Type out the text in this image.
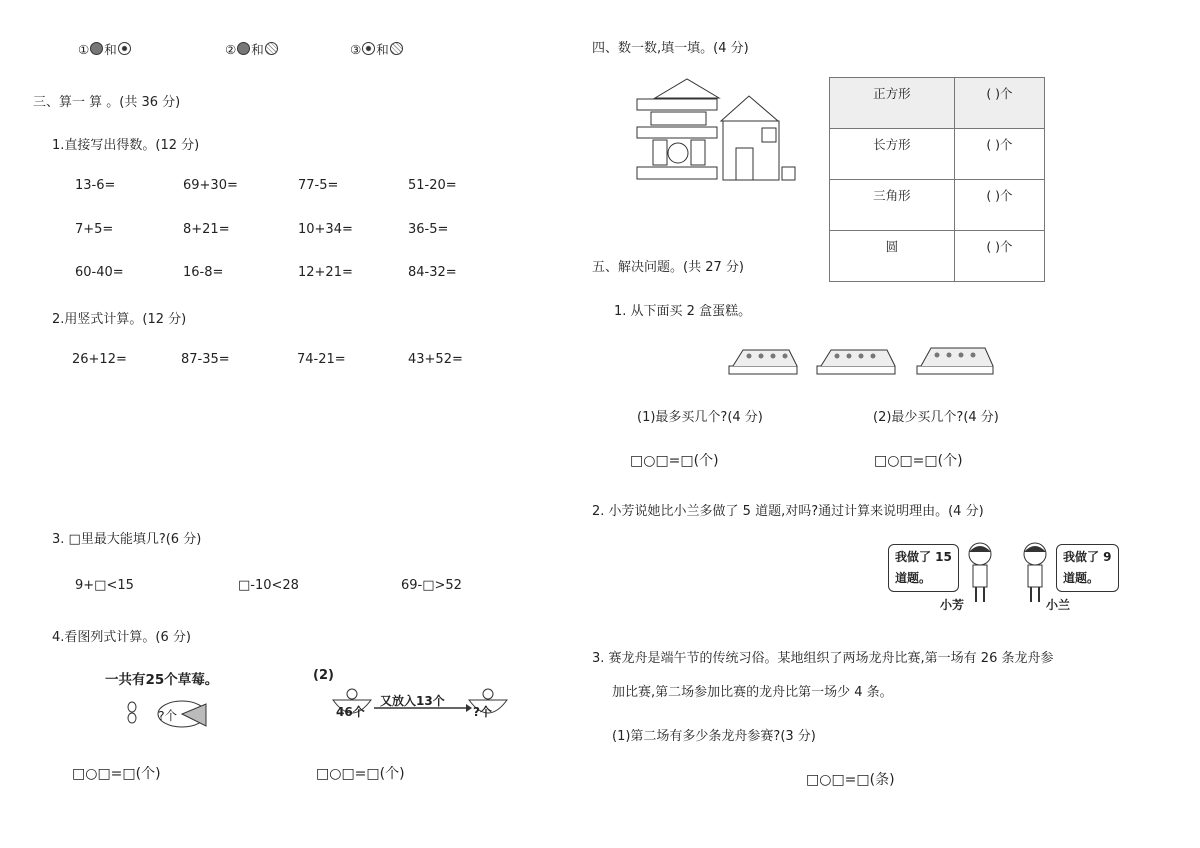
① 和	② 和	③ 和
三、算一 算 。(共 36 分)
1.直接写出得数。(12 分)
13-6=	69+30=	77-5=	51-20=
7+5=	8+21=	10+34=	36-5=
60-40=	16-8=	12+21=	84-32=
2.用竖式计算。(12 分)
26+12=	87-35=	74-21=	43+52=
3. □里最大能填几?(6 分)
9+□<15	□-10<28	69-□>52
4.看图列式计算。(6 分)
一共有25个草莓。
?个
(2)
46个
又放入13个
?个
□○□=□(个)	□○□=□(个)
四、数一数,填一填。(4 分)
正方形	( )个
长方形	( )个
三角形	( )个
圆	( )个
五、解决问题。(共 27 分)
1. 从下面买 2 盒蛋糕。
(1)最多买几个?(4 分)	(2)最少买几个?(4 分)
□○□=□(个)	□○□=□(个)
2. 小芳说她比小兰多做了 5 道题,对吗?通过计算来说明理由。(4 分)
我做了 15
道题。
我做了 9
道题。
小芳	小兰
3. 赛龙舟是端午节的传统习俗。某地组织了两场龙舟比赛,第一场有 26 条龙舟参
加比赛,第二场参加比赛的龙舟比第一场少 4 条。
(1)第二场有多少条龙舟参赛?(3 分)
□○□=□(条)
